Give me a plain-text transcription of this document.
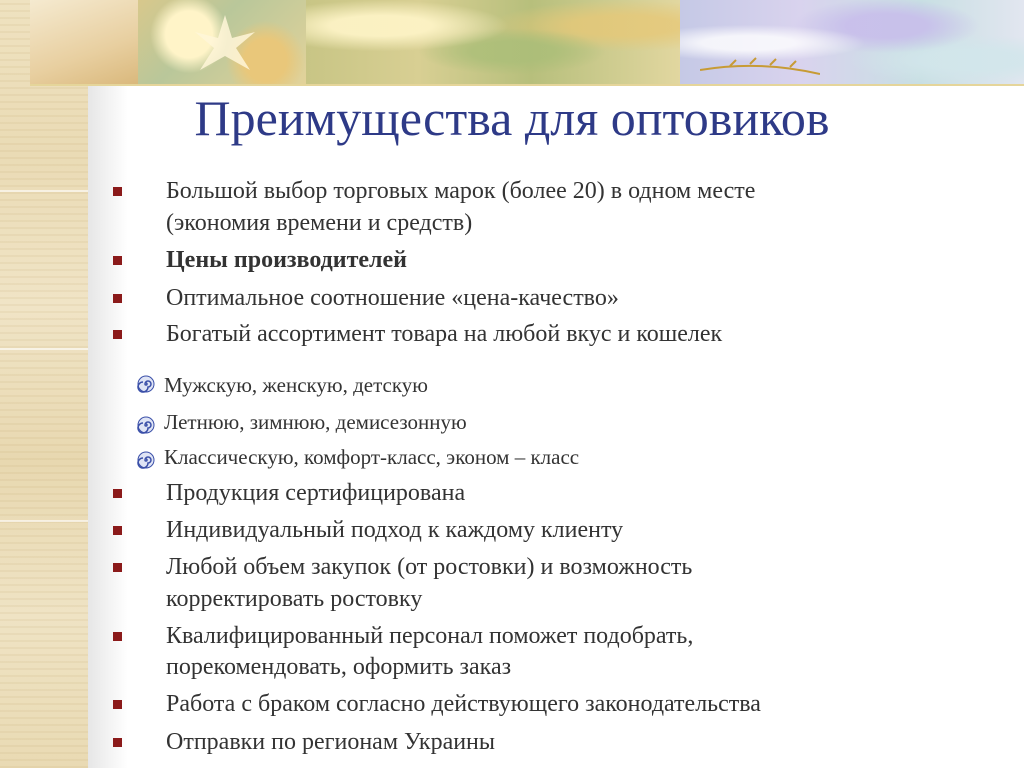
Преимущества для оптовиков
Большой выбор торговых марок (более 20) в одном месте
(экономия времени и средств)
Цены производителей
Оптимальное соотношение «цена-качество»
Богатый ассортимент товара на любой вкус и кошелек
Мужскую, женскую, детскую
Летнюю, зимнюю, демисезонную
Классическую, комфорт-класс, эконом – класс
Продукция сертифицирована
Индивидуальный подход к каждому клиенту
Любой объем закупок (от ростовки) и возможность
корректировать ростовку
Квалифицированный персонал поможет подобрать,
порекомендовать, оформить заказ
Работа с браком согласно действующего законодательства
Отправки по регионам Украины
